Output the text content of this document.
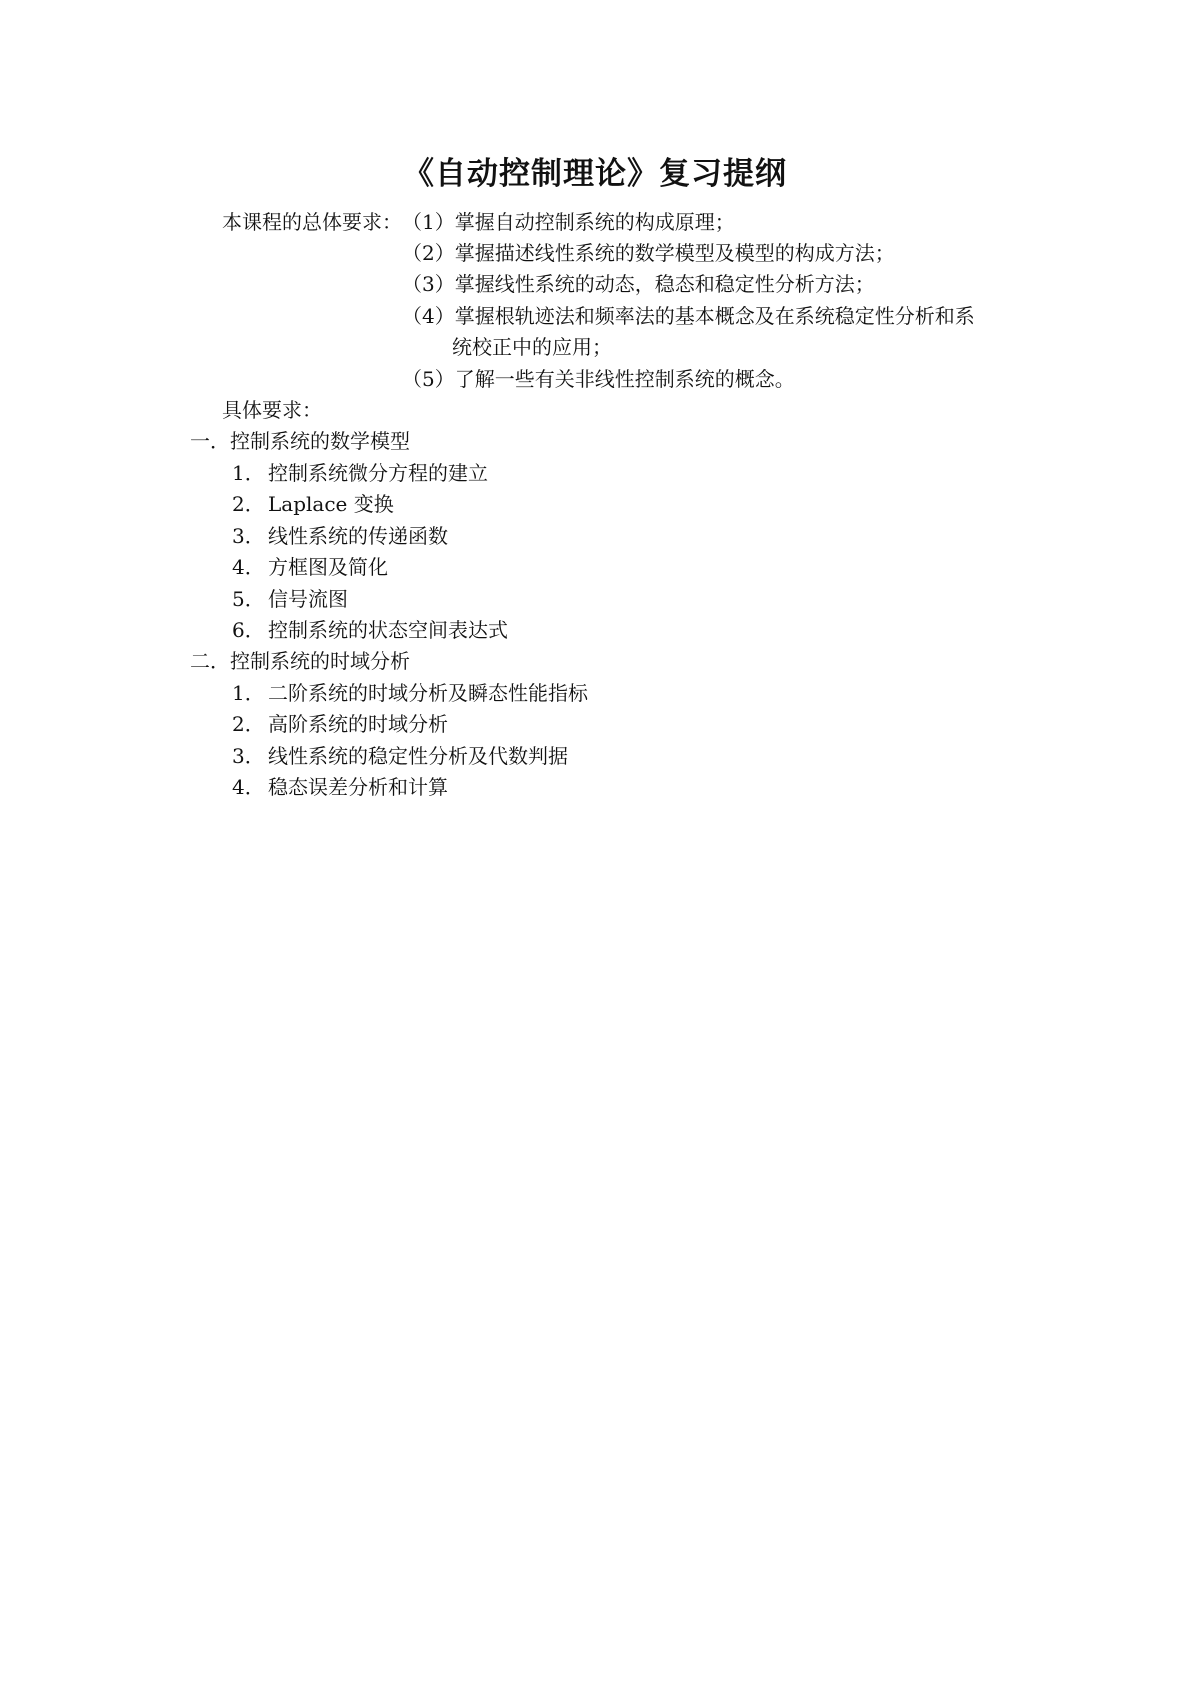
《自动控制理论》复习提纲
本课程的总体要求：（1）掌握自动控制系统的构成原理；
（2）掌握描述线性系统的数学模型及模型的构成方法；
（3）掌握线性系统的动态，稳态和稳定性分析方法；
（4）掌握根轨迹法和频率法的基本概念及在系统稳定性分析和系
统校正中的应用；
（5）了解一些有关非线性控制系统的概念。
具体要求：
一．控制系统的数学模型
1． 控制系统微分方程的建立
2． Laplace 变换
3． 线性系统的传递函数
4． 方框图及简化
5． 信号流图
6． 控制系统的状态空间表达式
二．控制系统的时域分析
1． 二阶系统的时域分析及瞬态性能指标
2． 高阶系统的时域分析
3． 线性系统的稳定性分析及代数判据
4． 稳态误差分析和计算
